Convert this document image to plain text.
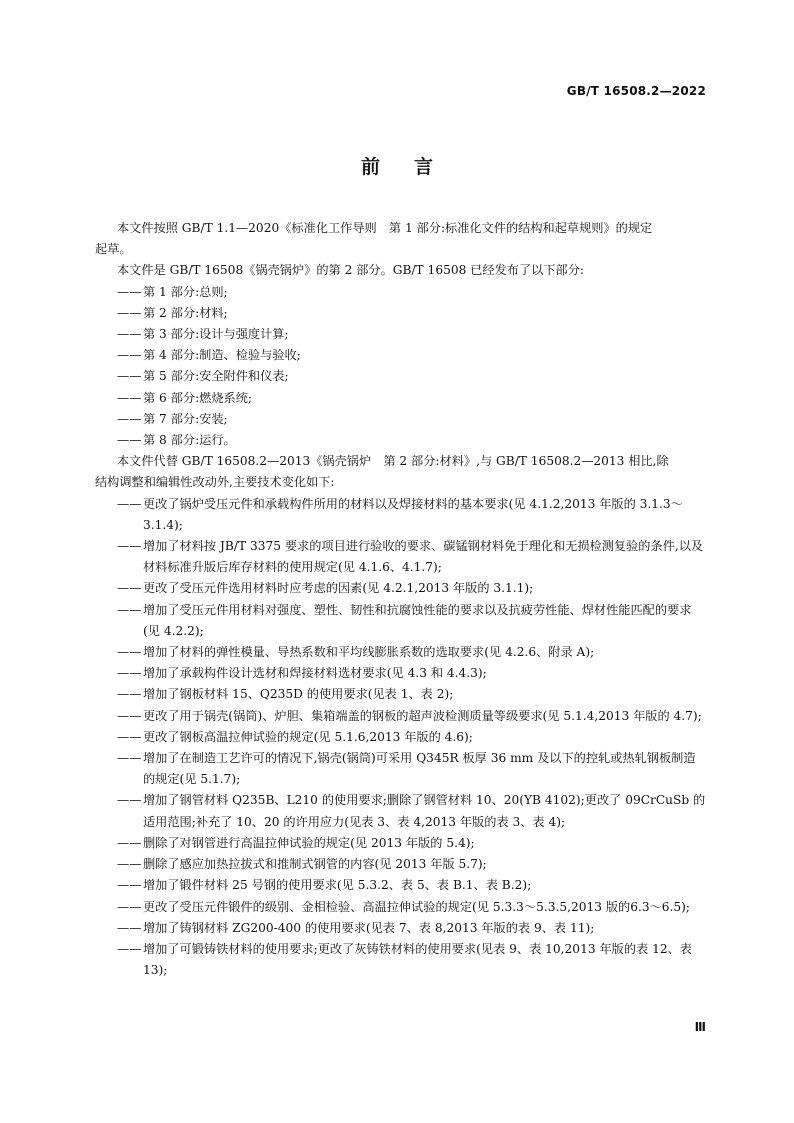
GB/T 16508.2—2022
前言

本文件按照 GB/T 1.1—2020《标准化工作导则　第 1 部分:标准化文件的结构和起草规则》的规定

起草。

本文件是 GB/T 16508《锅壳锅炉》的第 2 部分。GB/T 16508 已经发布了以下部分:

—— 第 1 部分:总则;
—— 第 2 部分:材料;
—— 第 3 部分:设计与强度计算;
—— 第 4 部分:制造、检验与验收;
—— 第 5 部分:安全附件和仪表;
—— 第 6 部分:燃烧系统;
—— 第 7 部分:安装;
—— 第 8 部分:运行。

本文件代替 GB/T 16508.2—2013《锅壳锅炉　第 2 部分:材料》,与 GB/T 16508.2—2013 相比,除

结构调整和编辑性改动外,主要技术变化如下:

—— 更改了锅炉受压元件和承载构件所用的材料以及焊接材料的基本要求(见 4.1.2,2013 年版的 3.1.3～3.1.4);
—— 增加了材料按 JB/T 3375 要求的项目进行验收的要求、碳锰钢材料免于理化和无损检测复验的条件,以及材料标准升版后库存材料的使用规定(见 4.1.6、4.1.7);
—— 更改了受压元件选用材料时应考虑的因素(见 4.2.1,2013 年版的 3.1.1);
—— 增加了受压元件用材料对强度、塑性、韧性和抗腐蚀性能的要求以及抗疲劳性能、焊材性能匹配的要求(见 4.2.2);
—— 增加了材料的弹性模量、导热系数和平均线膨胀系数的选取要求(见 4.2.6、附录 A);
—— 增加了承载构件设计选材和焊接材料选材要求(见 4.3 和 4.4.3);
—— 增加了钢板材料 15、Q235D 的使用要求(见表 1、表 2);
—— 更改了用于锅壳(锅筒)、炉胆、集箱端盖的钢板的超声波检测质量等级要求(见 5.1.4,2013 年版的 4.7);
—— 更改了钢板高温拉伸试验的规定(见 5.1.6,2013 年版的 4.6);
—— 增加了在制造工艺许可的情况下,锅壳(锅筒)可采用 Q345R 板厚 36 mm 及以下的控轧或热轧钢板制造的规定(见 5.1.7);
—— 增加了钢管材料 Q235B、L210 的使用要求;删除了钢管材料 10、20(YB 4102);更改了 09CrCuSb 的适用范围;补充了 10、20 的许用应力(见表 3、表 4,2013 年版的表 3、表 4);
—— 删除了对钢管进行高温拉伸试验的规定(见 2013 年版的 5.4);
—— 删除了感应加热拉拔式和推制式钢管的内容(见 2013 年版 5.7);
—— 增加了锻件材料 25 号钢的使用要求(见 5.3.2、表 5、表 B.1、表 B.2);
—— 更改了受压元件锻件的级别、金相检验、高温拉伸试验的规定(见 5.3.3～5.3.5,2013 版的6.3～6.5);
—— 增加了铸钢材料 ZG200-400 的使用要求(见表 7、表 8,2013 年版的表 9、表 11);
—— 增加了可锻铸铁材料的使用要求;更改了灰铸铁材料的使用要求(见表 9、表 10,2013 年版的表 12、表 13);
Ⅲ
